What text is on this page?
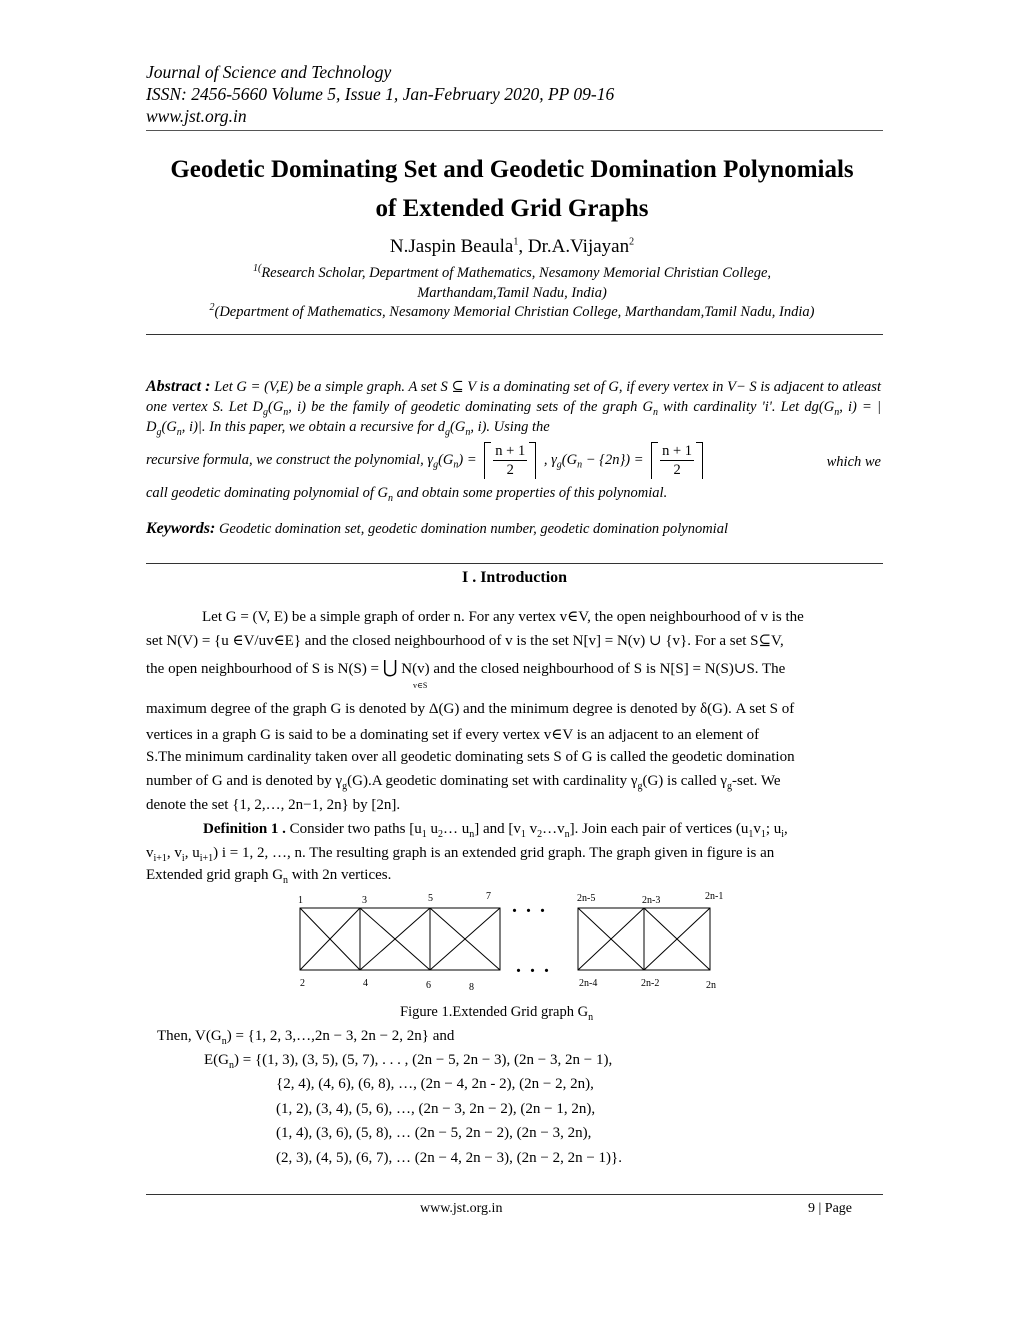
Journal of Science and Technology
ISSN: 2456-5660 Volume 5, Issue 1, Jan-February 2020, PP 09-16
www.jst.org.in
Geodetic Dominating Set and Geodetic Domination Polynomials
of Extended Grid Graphs
N.Jaspin Beaula$^1$, Dr.A.Vijayan$^2$
$^{1(}$Research Scholar, Department of Mathematics, Nesamony Memorial Christian College,
Marthandam,Tamil Nadu, India)
$^2$(Department of Mathematics, Nesamony Memorial Christian College, Marthandam,Tamil Nadu, India)
Abstract : Let G = (V,E) be a simple graph. A set S ⊆ V is a dominating set of G, if every vertex in V− S is adjacent to atleast one vertex S. Let $D_g(G_n$, i) be the family of geodetic dominating sets of the graph $G_n$ with cardinality 'i'. Let $dg(G_n$, i) = | $D_g(G_n$, i)|. In this paper, we obtain a recursive for $d_g(G_n$, i). Using the
recursive formula, we construct the polynomial, $\gamma_g(G_n) = \frac{n + 1}{2}$ , $\gamma_g(G_n - \{2n\}) = \frac{n + 1}{2}$	which we
call geodetic dominating polynomial of $G_n$ and obtain some properties of this polynomial.
Keywords: Geodetic domination set, geodetic domination number, geodetic domination polynomial
I . Introduction
Let G = (V, E) be a simple graph of order n. For any vertex v∈V, the open neighbourhood of v is the
set N(V) = {u ∈V/uv∈E} and the closed neighbourhood of v is the set N[v] = N(v) ∪ {v}. For a set S⊆V,
the open neighbourhood of S is N(S) = ⋃ N(v) and the closed neighbourhood of S is N[S] = N(S)∪S. The
v∈S
maximum degree of the graph G is denoted by Δ(G) and the minimum degree is denoted by δ(G). A set S of
vertices in a graph G is said to be a dominating set if every vertex v∈V is an adjacent to an element of
S.The minimum cardinality taken over all geodetic dominating sets S of G is called the geodetic domination
number of G and is denoted by $\gamma_g(G).A$ geodetic dominating set with cardinality $\gamma_g(G)$ is called $\gamma_g$-set. We
denote the set {1, 2,…, 2n−1, 2n} by [2n].
Definition 1 . Consider two paths [$u_1$ $u_2\dots$ $u_n$] and [$v_1$ $v_2\dots v_n$]. Join each pair of vertices ($u_1v_1$; $u_i$,
$v_{i+1}$, $v_i$, $u_{i+1}$) i = 1, 2, …, n. The resulting graph is an extended grid graph. The graph given in figure is an
Extended grid graph $G_n$ with 2n vertices.
1	3	5	7	2n-5	2n-3	2n-1
2	4	6	8	2n-4	2n-2	2n
. . .
. . .
Figure 1.Extended Grid graph $G_n$
Then, $V(G_n) = \{1$, 2, 3,…,2n − 3, 2n − 2, 2n} and
$E(G_n) = \{(1$, 3), (3, 5), (5, 7), . . . , (2n − 5, 2n − 3), (2n − 3, 2n − 1),
{2, 4), (4, 6), (6, 8), …, (2n − 4, 2n - 2), (2n − 2, 2n),
(1, 2), (3, 4), (5, 6), …, (2n − 3, 2n − 2), (2n − 1, 2n),
(1, 4), (3, 6), (5, 8), … (2n − 5, 2n − 2), (2n − 3, 2n),
(2, 3), (4, 5), (6, 7), … (2n − 4, 2n − 3), (2n − 2, 2n − 1)}.
www.jst.org.in	9 | Page
